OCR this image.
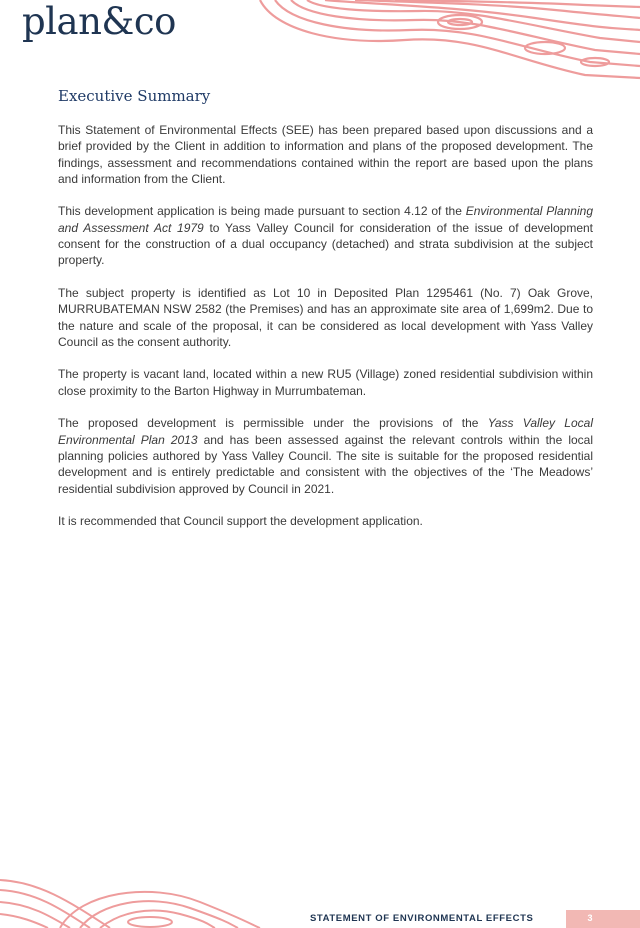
plan&co
Executive Summary

This Statement of Environmental Effects (SEE) has been prepared based upon discussions and a brief provided by the Client in addition to information and plans of the proposed development. The findings, assessment and recommendations contained within the report are based upon the plans and information from the Client.

This development application is being made pursuant to section 4.12 of the Environmental Planning and Assessment Act 1979 to Yass Valley Council for consideration of the issue of development consent for the construction of a dual occupancy (detached) and strata subdivision at the subject property.

The subject property is identified as Lot 10 in Deposited Plan 1295461 (No. 7) Oak Grove, MURRUBATEMAN NSW 2582 (the Premises) and has an approximate site area of 1,699m2. Due to the nature and scale of the proposal, it can be considered as local development with Yass Valley Council as the consent authority.

The property is vacant land, located within a new RU5 (Village) zoned residential subdivision within close proximity to the Barton Highway in Murrumbateman.

The proposed development is permissible under the provisions of the Yass Valley Local Environmental Plan 2013 and has been assessed against the relevant controls within the local planning policies authored by Yass Valley Council. The site is suitable for the proposed residential development and is entirely predictable and consistent with the objectives of the ‘The Meadows’ residential subdivision approved by Council in 2021.

It is recommended that Council support the development application.

STATEMENT OF ENVIRONMENTAL EFFECTS	3
